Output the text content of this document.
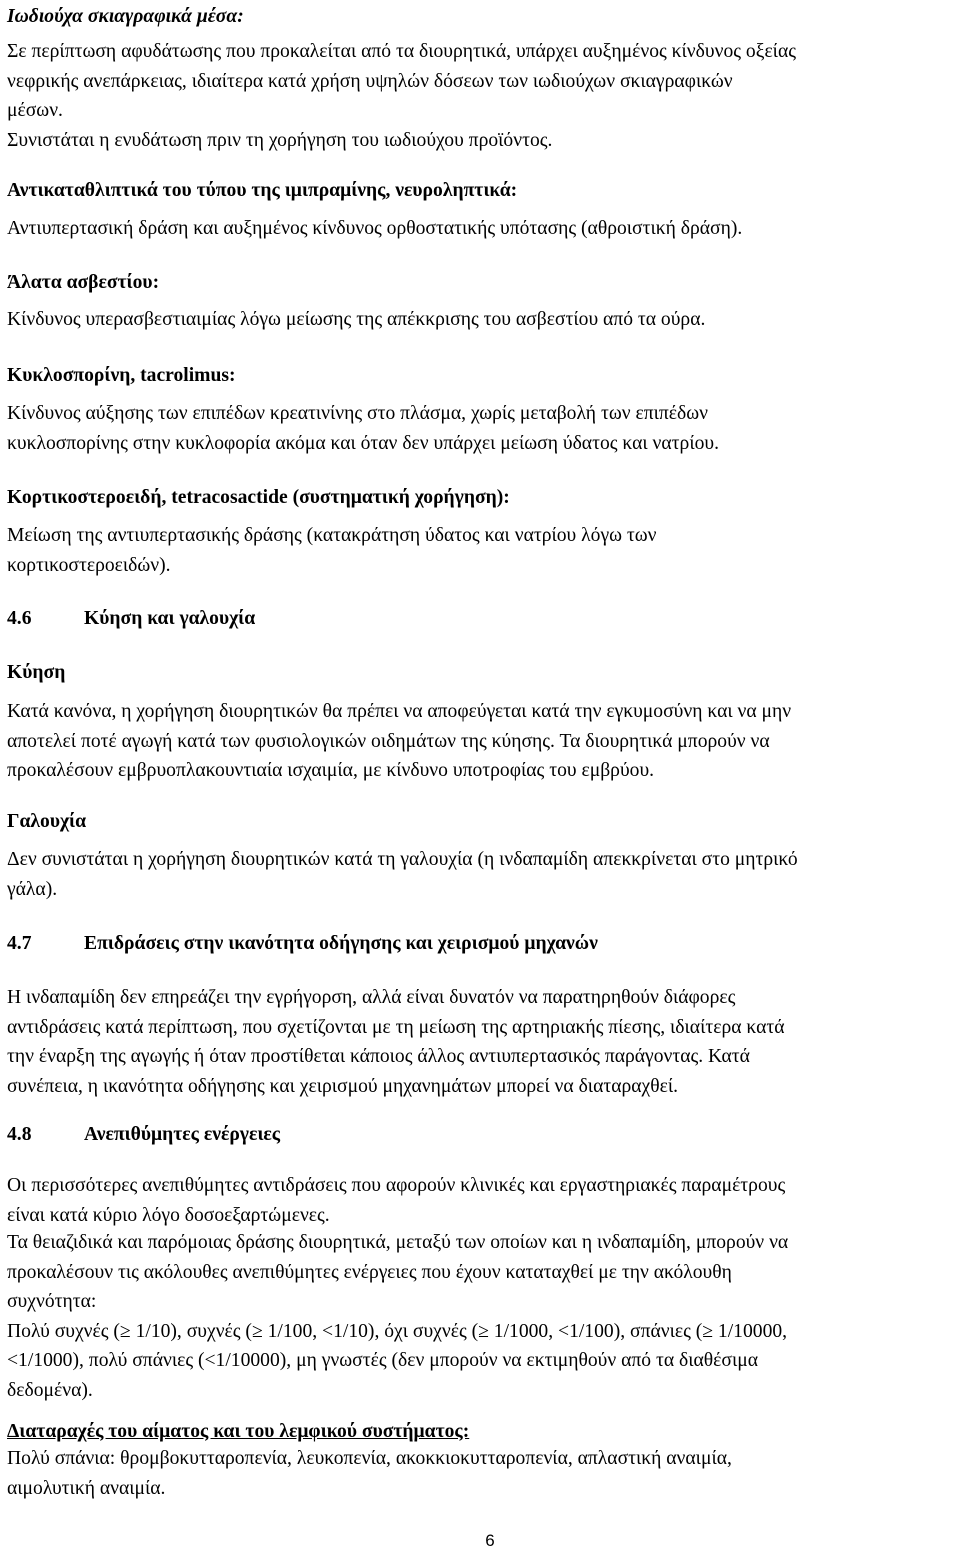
Ιωδιούχα σκιαγραφικά μέσα:
Σε περίπτωση αφυδάτωσης που προκαλείται από τα διουρητικά, υπάρχει αυξημένος κίνδυνος οξείας
νεφρικής ανεπάρκειας, ιδιαίτερα κατά χρήση υψηλών δόσεων των ιωδιούχων σκιαγραφικών
μέσων.
Συνιστάται η ενυδάτωση πριν τη χορήγηση του ιωδιούχου προϊόντος.
Αντικαταθλιπτικά του τύπου της ιμιπραμίνης, νευροληπτικά:
Αντιυπερτασική δράση και αυξημένος κίνδυνος ορθοστατικής υπότασης (αθροιστική δράση).
Άλατα ασβεστίου:
Κίνδυνος υπερασβεστιαιμίας λόγω μείωσης της απέκκρισης του ασβεστίου από τα ούρα.
Κυκλοσπορίνη, tacrolimus:
Κίνδυνος αύξησης των επιπέδων κρεατινίνης στο πλάσμα, χωρίς μεταβολή των επιπέδων
κυκλοσπορίνης στην κυκλοφορία ακόμα και όταν δεν υπάρχει μείωση ύδατος και νατρίου.
Κορτικοστεροειδή, tetracosactide (συστηματική χορήγηση):
Μείωση της αντιυπερτασικής δράσης (κατακράτηση ύδατος και νατρίου λόγω των
κορτικοστεροειδών).
4.6	Κύηση και γαλουχία
Κύηση
Κατά κανόνα, η χορήγηση διουρητικών θα πρέπει να αποφεύγεται κατά την εγκυμοσύνη και να μην
αποτελεί ποτέ αγωγή κατά των φυσιολογικών οιδημάτων της κύησης. Τα διουρητικά μπορούν να
προκαλέσουν εμβρυοπλακουντιαία ισχαιμία, με κίνδυνο υποτροφίας του εμβρύου.
Γαλουχία
Δεν συνιστάται η χορήγηση διουρητικών κατά τη γαλουχία (η ινδαπαμίδη απεκκρίνεται στο μητρικό
γάλα).
4.7	Επιδράσεις στην ικανότητα οδήγησης και χειρισμού μηχανών
Η ινδαπαμίδη δεν επηρεάζει την εγρήγορση, αλλά είναι δυνατόν να παρατηρηθούν διάφορες
αντιδράσεις κατά περίπτωση, που σχετίζονται με τη μείωση της αρτηριακής πίεσης, ιδιαίτερα κατά
την έναρξη της αγωγής ή όταν προστίθεται κάποιος άλλος αντιυπερτασικός παράγοντας. Κατά
συνέπεια, η ικανότητα οδήγησης και χειρισμού μηχανημάτων μπορεί να διαταραχθεί.
4.8	Ανεπιθύμητες ενέργειες
Οι περισσότερες ανεπιθύμητες αντιδράσεις που αφορούν κλινικές και εργαστηριακές παραμέτρους
είναι κατά κύριο λόγο δοσοεξαρτώμενες.
Τα θειαζιδικά και παρόμοιας δράσης διουρητικά, μεταξύ των οποίων και η ινδαπαμίδη, μπορούν να
προκαλέσουν τις ακόλουθες ανεπιθύμητες ενέργειες που έχουν καταταχθεί με την ακόλουθη
συχνότητα:
Πολύ συχνές (≥ 1/10), συχνές (≥ 1/100, <1/10), όχι συχνές (≥ 1/1000, <1/100), σπάνιες (≥ 1/10000,
<1/1000), πολύ σπάνιες (<1/10000), μη γνωστές (δεν μπορούν να εκτιμηθούν από τα διαθέσιμα
δεδομένα).
Διαταραχές του αίματος και του λεμφικού συστήματος:
Πολύ σπάνια: θρομβοκυτταροπενία, λευκοπενία, ακοκκιοκυτταροπενία, απλαστική αναιμία,
αιμολυτική αναιμία.
6
